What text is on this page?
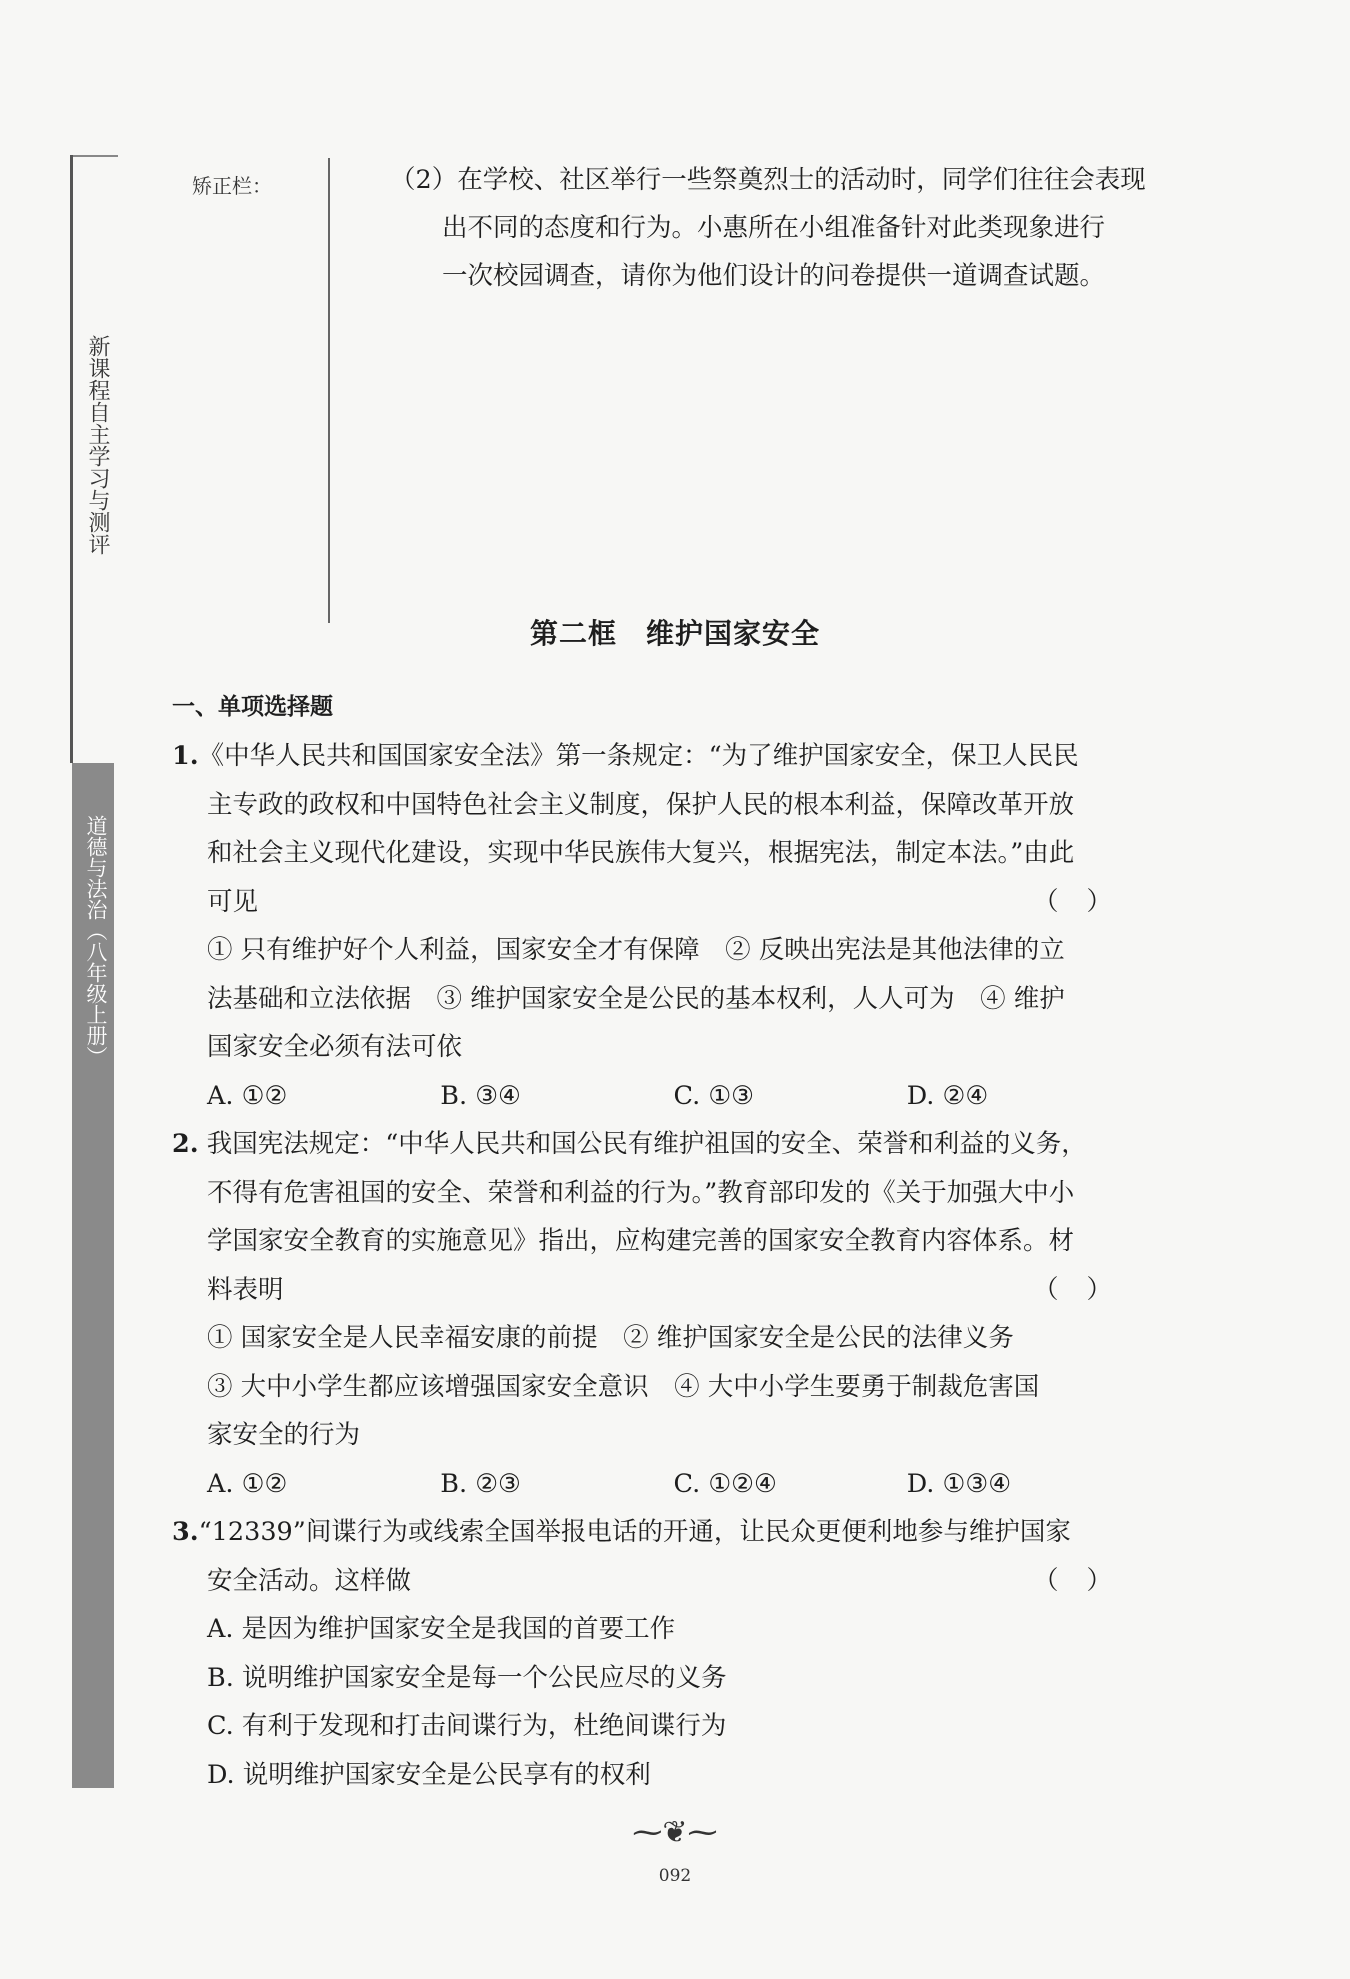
新课程自主学习与测评
道德与法治（八年级上册）
矫正栏：	（2）在学校、社区举行一些祭奠烈士的活动时，同学们往往会表现
出不同的态度和行为。小惠所在小组准备针对此类现象进行
一次校园调查，请你为他们设计的问卷提供一道调查试题。
第二框　维护国家安全
一、单项选择题
1.《中华人民共和国国家安全法》第一条规定：“为了维护国家安全，保卫人民民
主专政的政权和中国特色社会主义制度，保护人民的根本利益，保障改革开放
和社会主义现代化建设，实现中华民族伟大复兴，根据宪法，制定本法。”由此
可见	（）
① 只有维护好个人利益，国家安全才有保障　② 反映出宪法是其他法律的立
法基础和立法依据　③ 维护国家安全是公民的基本权利，人人可为　④ 维护
国家安全必须有法可依
A. ①②	B. ③④	C. ①③	D. ②④
2. 我国宪法规定：“中华人民共和国公民有维护祖国的安全、荣誉和利益的义务，
不得有危害祖国的安全、荣誉和利益的行为。”教育部印发的《关于加强大中小
学国家安全教育的实施意见》指出，应构建完善的国家安全教育内容体系。材
料表明	（）
① 国家安全是人民幸福安康的前提　② 维护国家安全是公民的法律义务
③ 大中小学生都应该增强国家安全意识　④ 大中小学生要勇于制裁危害国
家安全的行为
A. ①②	B. ②③	C. ①②④	D. ①③④
3.“12339”间谍行为或线索全国举报电话的开通，让民众更便利地参与维护国家
安全活动。这样做	（）
A. 是因为维护国家安全是我国的首要工作
B. 说明维护国家安全是每一个公民应尽的义务
C. 有利于发现和打击间谍行为，杜绝间谍行为
D. 说明维护国家安全是公民享有的权利
⁓❦⁓
092
